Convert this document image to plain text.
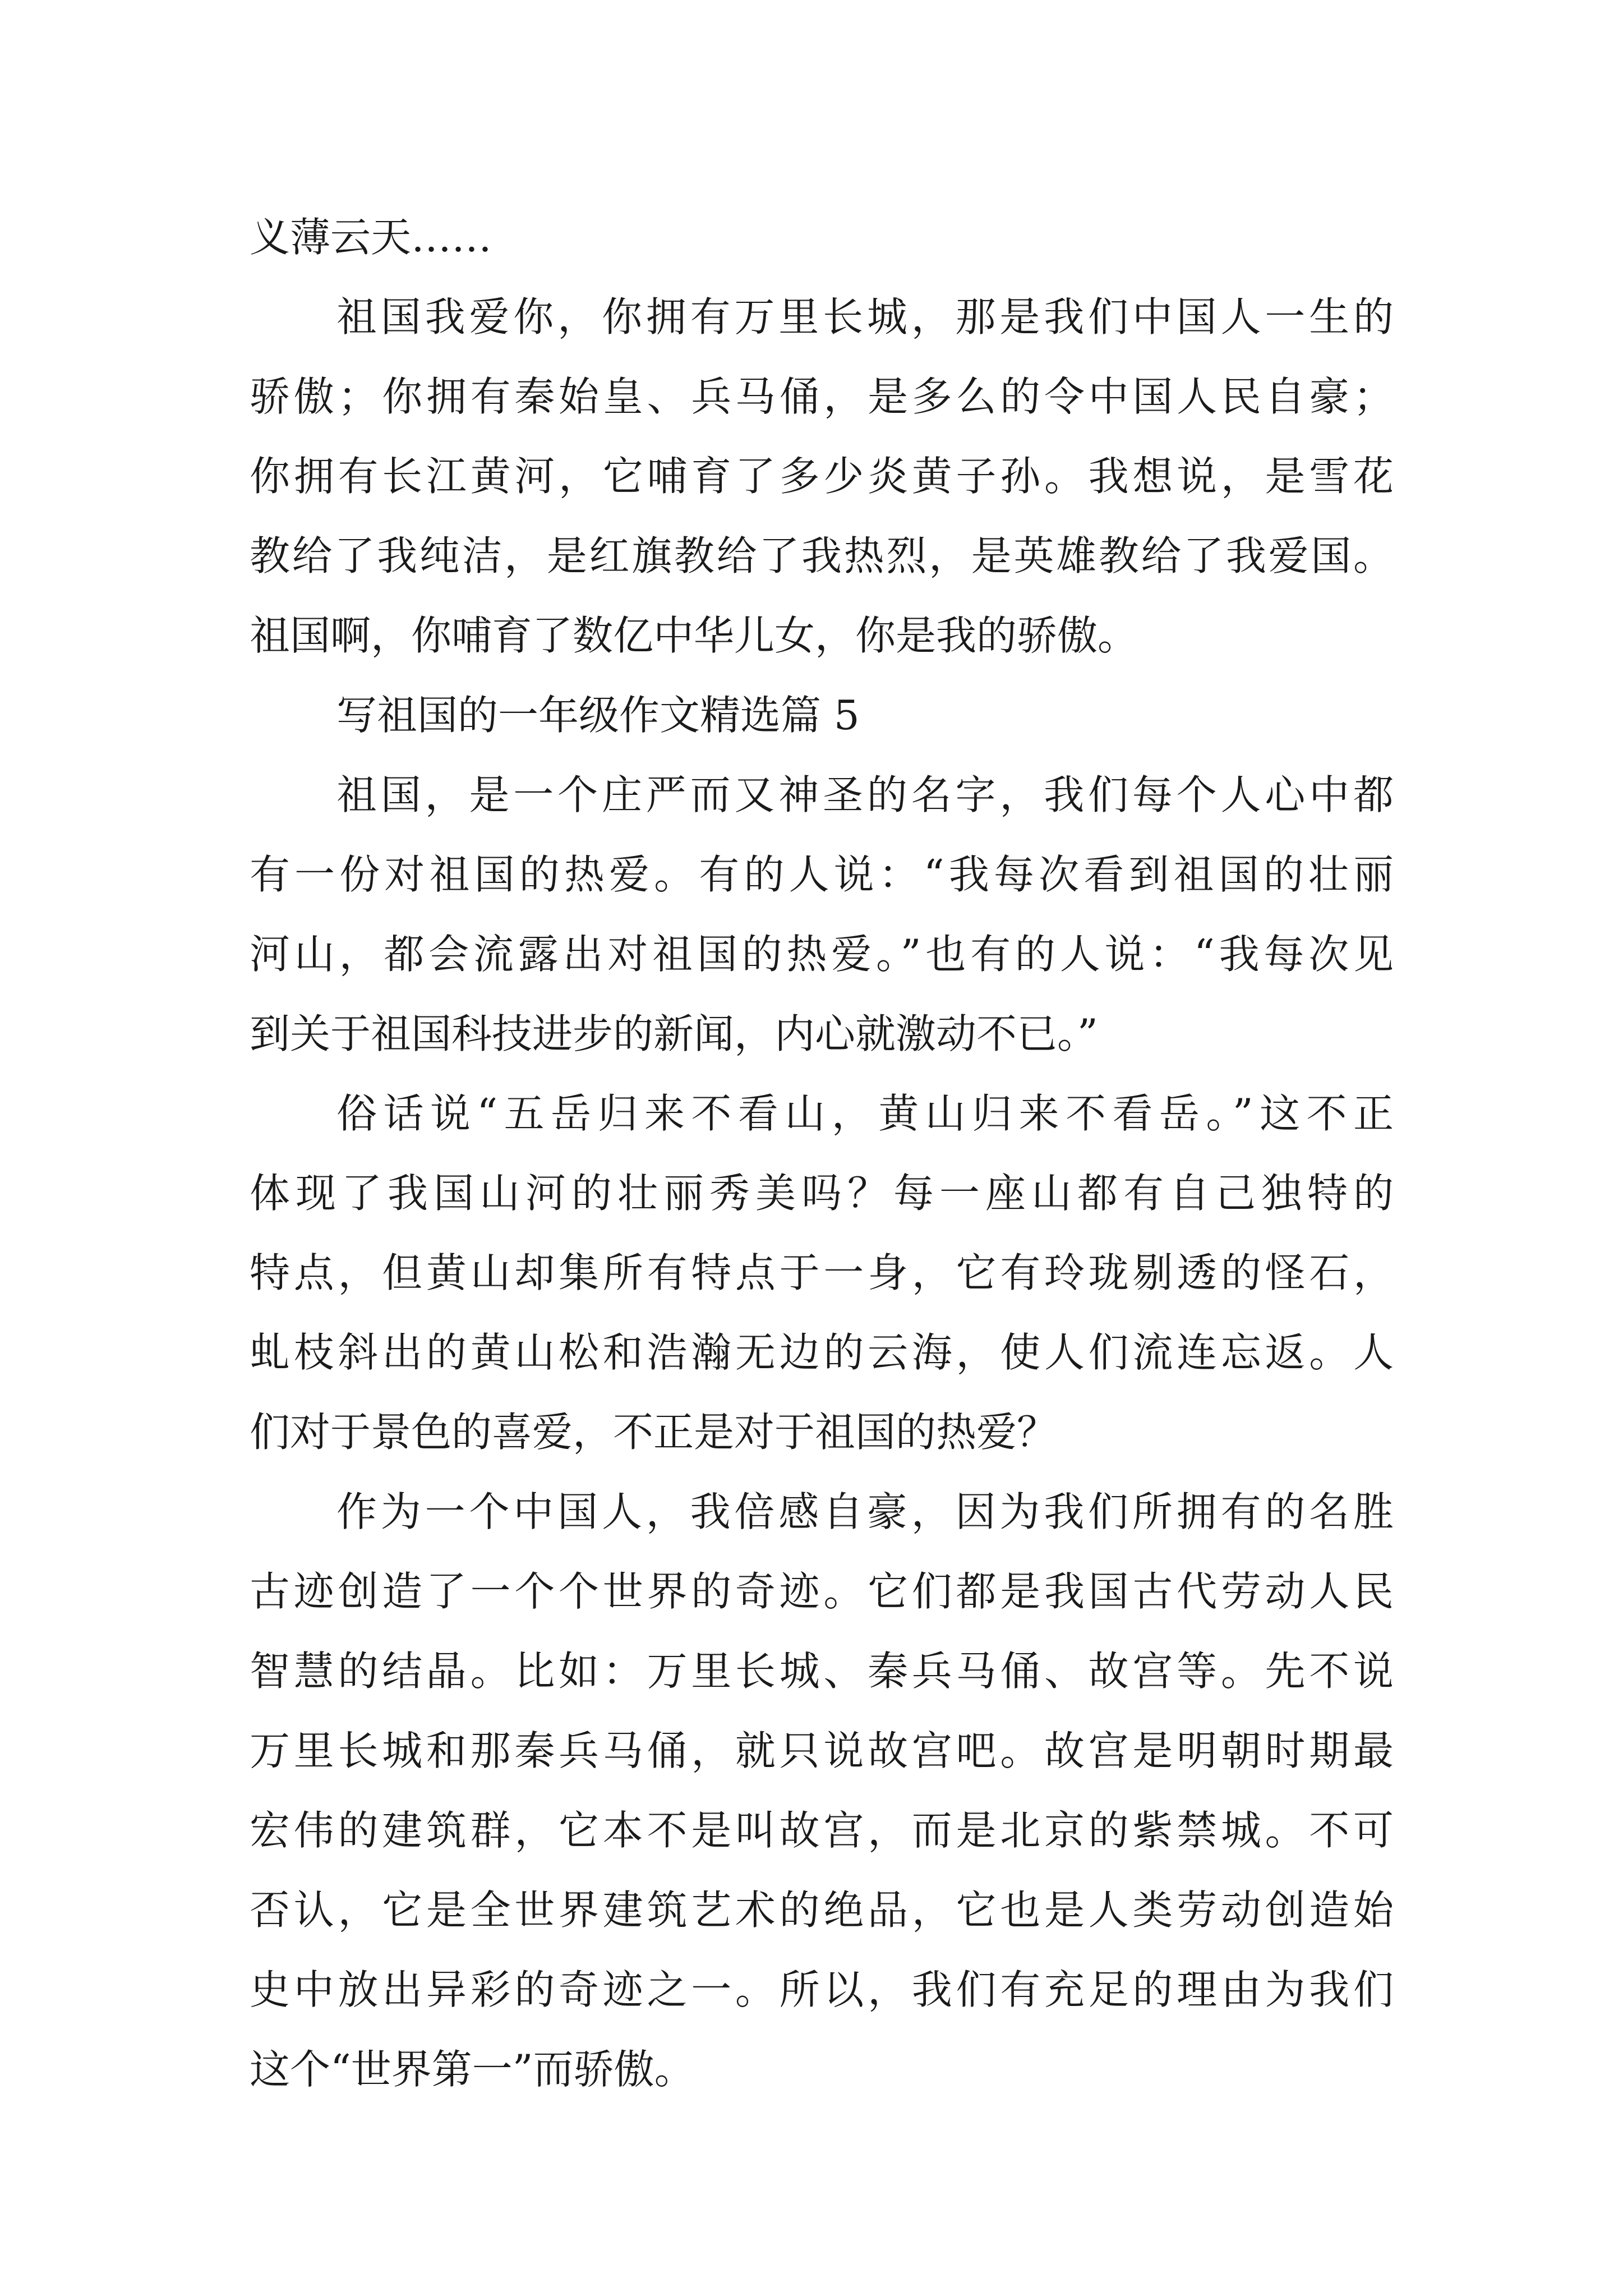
义薄云天……
祖国我爱你，你拥有万里长城，那是我们中国人一生的
骄傲；你拥有秦始皇、兵马俑，是多么的令中国人民自豪；
你拥有长江黄河，它哺育了多少炎黄子孙。我想说，是雪花
教给了我纯洁，是红旗教给了我热烈，是英雄教给了我爱国。
祖国啊，你哺育了数亿中华儿女，你是我的骄傲。
写祖国的一年级作文精选篇 5
祖国，是一个庄严而又神圣的名字，我们每个人心中都
有一份对祖国的热爱。有的人说：“我每次看到祖国的壮丽
河山，都会流露出对祖国的热爱。”也有的人说：“我每次见
到关于祖国科技进步的新闻，内心就激动不已。”
俗话说“五岳归来不看山，黄山归来不看岳。”这不正
体现了我国山河的壮丽秀美吗？每一座山都有自己独特的
特点，但黄山却集所有特点于一身，它有玲珑剔透的怪石，
虬枝斜出的黄山松和浩瀚无边的云海，使人们流连忘返。人
们对于景色的喜爱，不正是对于祖国的热爱？
作为一个中国人，我倍感自豪，因为我们所拥有的名胜
古迹创造了一个个世界的奇迹。它们都是我国古代劳动人民
智慧的结晶。比如：万里长城、秦兵马俑、故宫等。先不说
万里长城和那秦兵马俑，就只说故宫吧。故宫是明朝时期最
宏伟的建筑群，它本不是叫故宫，而是北京的紫禁城。不可
否认，它是全世界建筑艺术的绝品，它也是人类劳动创造始
史中放出异彩的奇迹之一。所以，我们有充足的理由为我们
这个“世界第一”而骄傲。
